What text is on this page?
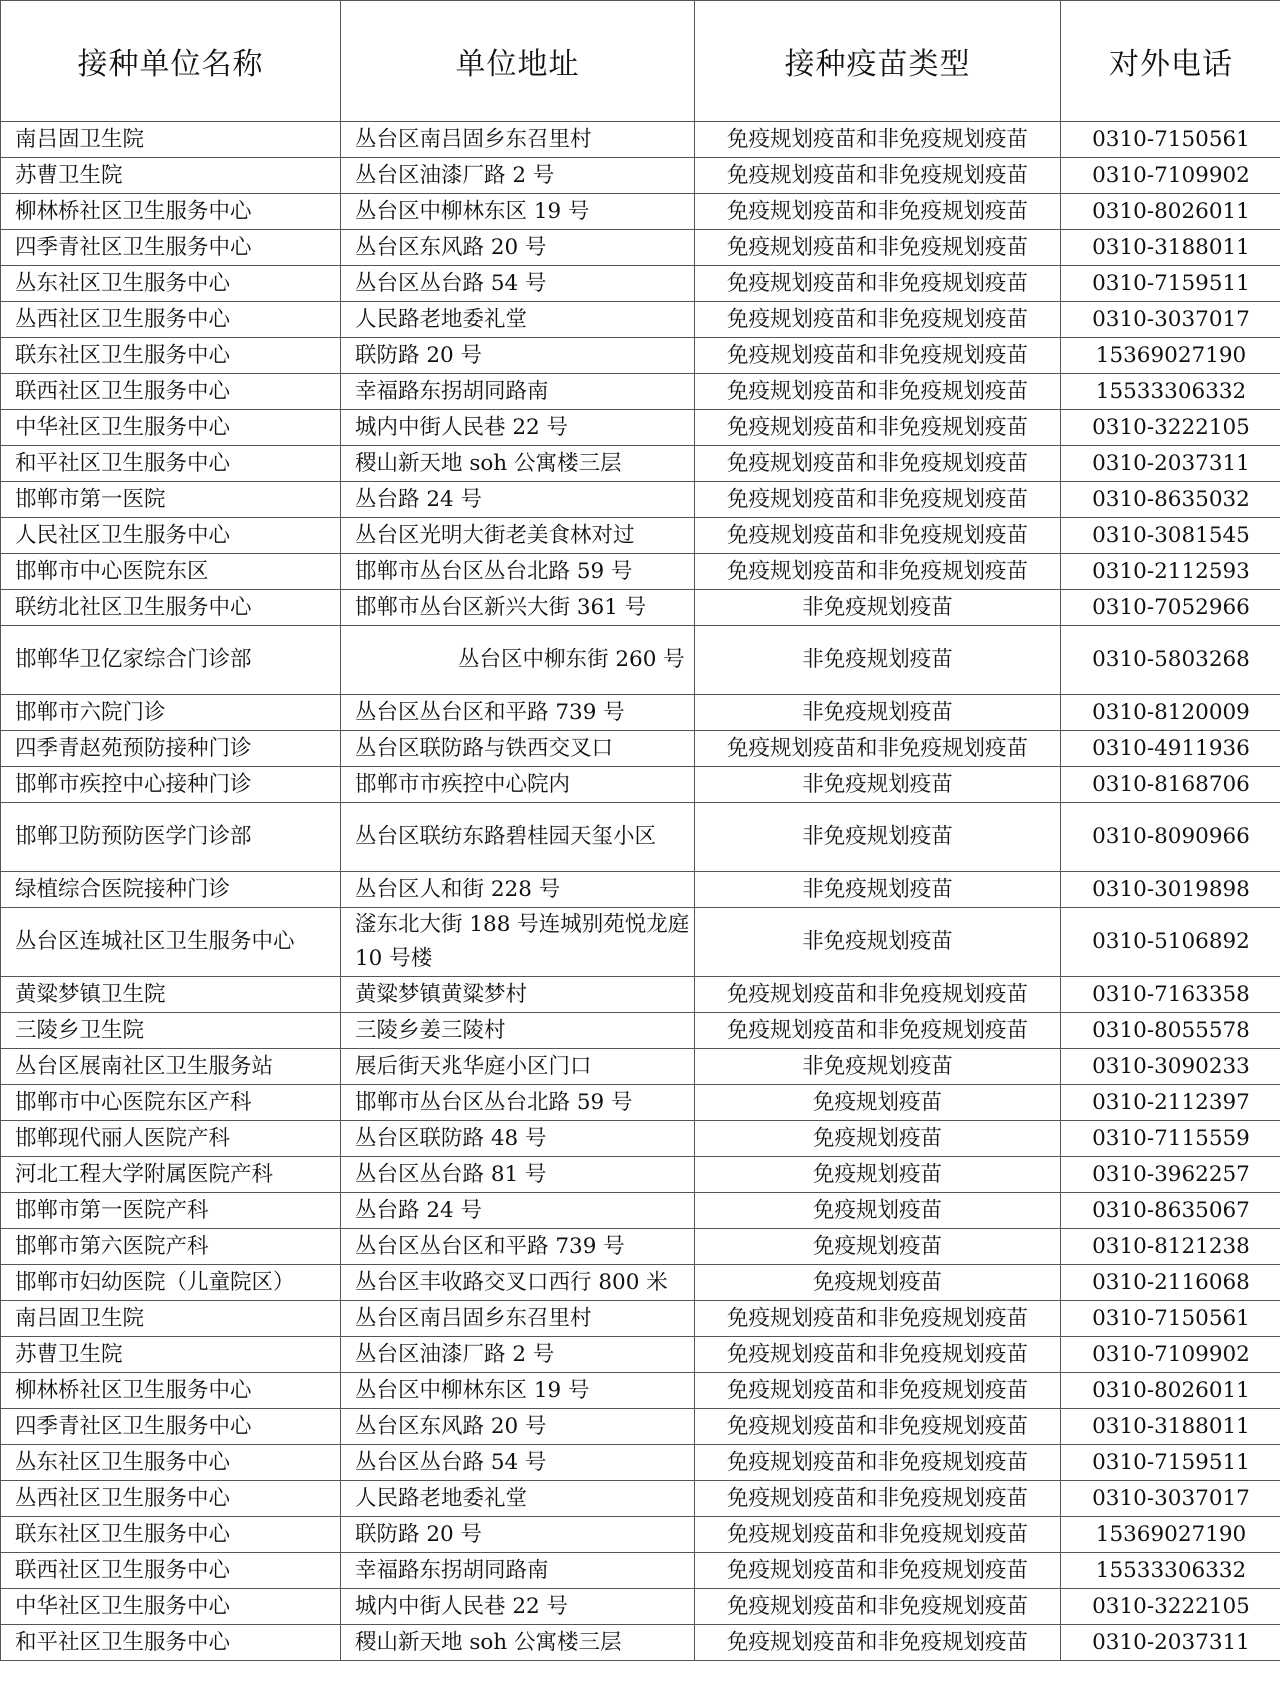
接种单位名称	单位地址	接种疫苗类型	对外电话
南吕固卫生院	丛台区南吕固乡东召里村	免疫规划疫苗和非免疫规划疫苗	0310-7150561
苏曹卫生院	丛台区油漆厂路 2 号	免疫规划疫苗和非免疫规划疫苗	0310-7109902
柳林桥社区卫生服务中心	丛台区中柳林东区 19 号	免疫规划疫苗和非免疫规划疫苗	0310-8026011
四季青社区卫生服务中心	丛台区东风路 20 号	免疫规划疫苗和非免疫规划疫苗	0310-3188011
丛东社区卫生服务中心	丛台区丛台路 54 号	免疫规划疫苗和非免疫规划疫苗	0310-7159511
丛西社区卫生服务中心	人民路老地委礼堂	免疫规划疫苗和非免疫规划疫苗	0310-3037017
联东社区卫生服务中心	联防路 20 号	免疫规划疫苗和非免疫规划疫苗	15369027190
联西社区卫生服务中心	幸福路东拐胡同路南	免疫规划疫苗和非免疫规划疫苗	15533306332
中华社区卫生服务中心	城内中街人民巷 22 号	免疫规划疫苗和非免疫规划疫苗	0310-3222105
和平社区卫生服务中心	稷山新天地 soh 公寓楼三层	免疫规划疫苗和非免疫规划疫苗	0310-2037311
邯郸市第一医院	丛台路 24 号	免疫规划疫苗和非免疫规划疫苗	0310-8635032
人民社区卫生服务中心	丛台区光明大街老美食林对过	免疫规划疫苗和非免疫规划疫苗	0310-3081545
邯郸市中心医院东区	邯郸市丛台区丛台北路 59 号	免疫规划疫苗和非免疫规划疫苗	0310-2112593
联纺北社区卫生服务中心	邯郸市丛台区新兴大街 361 号	非免疫规划疫苗	0310-7052966
邯郸华卫亿家综合门诊部	丛台区中柳东街 260 号	非免疫规划疫苗	0310-5803268
邯郸市六院门诊	丛台区丛台区和平路 739 号	非免疫规划疫苗	0310-8120009
四季青赵苑预防接种门诊	丛台区联防路与铁西交叉口	免疫规划疫苗和非免疫规划疫苗	0310-4911936
邯郸市疾控中心接种门诊	邯郸市市疾控中心院内	非免疫规划疫苗	0310-8168706
邯郸卫防预防医学门诊部	丛台区联纺东路碧桂园天玺小区	非免疫规划疫苗	0310-8090966
绿植综合医院接种门诊	丛台区人和街 228 号	非免疫规划疫苗	0310-3019898
丛台区连城社区卫生服务中心	滏东北大街 188 号连城别苑悦龙庭 10 号楼	非免疫规划疫苗	0310-5106892
黄粱梦镇卫生院	黄粱梦镇黄粱梦村	免疫规划疫苗和非免疫规划疫苗	0310-7163358
三陵乡卫生院	三陵乡姜三陵村	免疫规划疫苗和非免疫规划疫苗	0310-8055578
丛台区展南社区卫生服务站	展后街天兆华庭小区门口	非免疫规划疫苗	0310-3090233
邯郸市中心医院东区产科	邯郸市丛台区丛台北路 59 号	免疫规划疫苗	0310-2112397
邯郸现代丽人医院产科	丛台区联防路 48 号	免疫规划疫苗	0310-7115559
河北工程大学附属医院产科	丛台区丛台路 81 号	免疫规划疫苗	0310-3962257
邯郸市第一医院产科	丛台路 24 号	免疫规划疫苗	0310-8635067
邯郸市第六医院产科	丛台区丛台区和平路 739 号	免疫规划疫苗	0310-8121238
邯郸市妇幼医院（儿童院区）	丛台区丰收路交叉口西行 800 米	免疫规划疫苗	0310-2116068
南吕固卫生院	丛台区南吕固乡东召里村	免疫规划疫苗和非免疫规划疫苗	0310-7150561
苏曹卫生院	丛台区油漆厂路 2 号	免疫规划疫苗和非免疫规划疫苗	0310-7109902
柳林桥社区卫生服务中心	丛台区中柳林东区 19 号	免疫规划疫苗和非免疫规划疫苗	0310-8026011
四季青社区卫生服务中心	丛台区东风路 20 号	免疫规划疫苗和非免疫规划疫苗	0310-3188011
丛东社区卫生服务中心	丛台区丛台路 54 号	免疫规划疫苗和非免疫规划疫苗	0310-7159511
丛西社区卫生服务中心	人民路老地委礼堂	免疫规划疫苗和非免疫规划疫苗	0310-3037017
联东社区卫生服务中心	联防路 20 号	免疫规划疫苗和非免疫规划疫苗	15369027190
联西社区卫生服务中心	幸福路东拐胡同路南	免疫规划疫苗和非免疫规划疫苗	15533306332
中华社区卫生服务中心	城内中街人民巷 22 号	免疫规划疫苗和非免疫规划疫苗	0310-3222105
和平社区卫生服务中心	稷山新天地 soh 公寓楼三层	免疫规划疫苗和非免疫规划疫苗	0310-2037311
